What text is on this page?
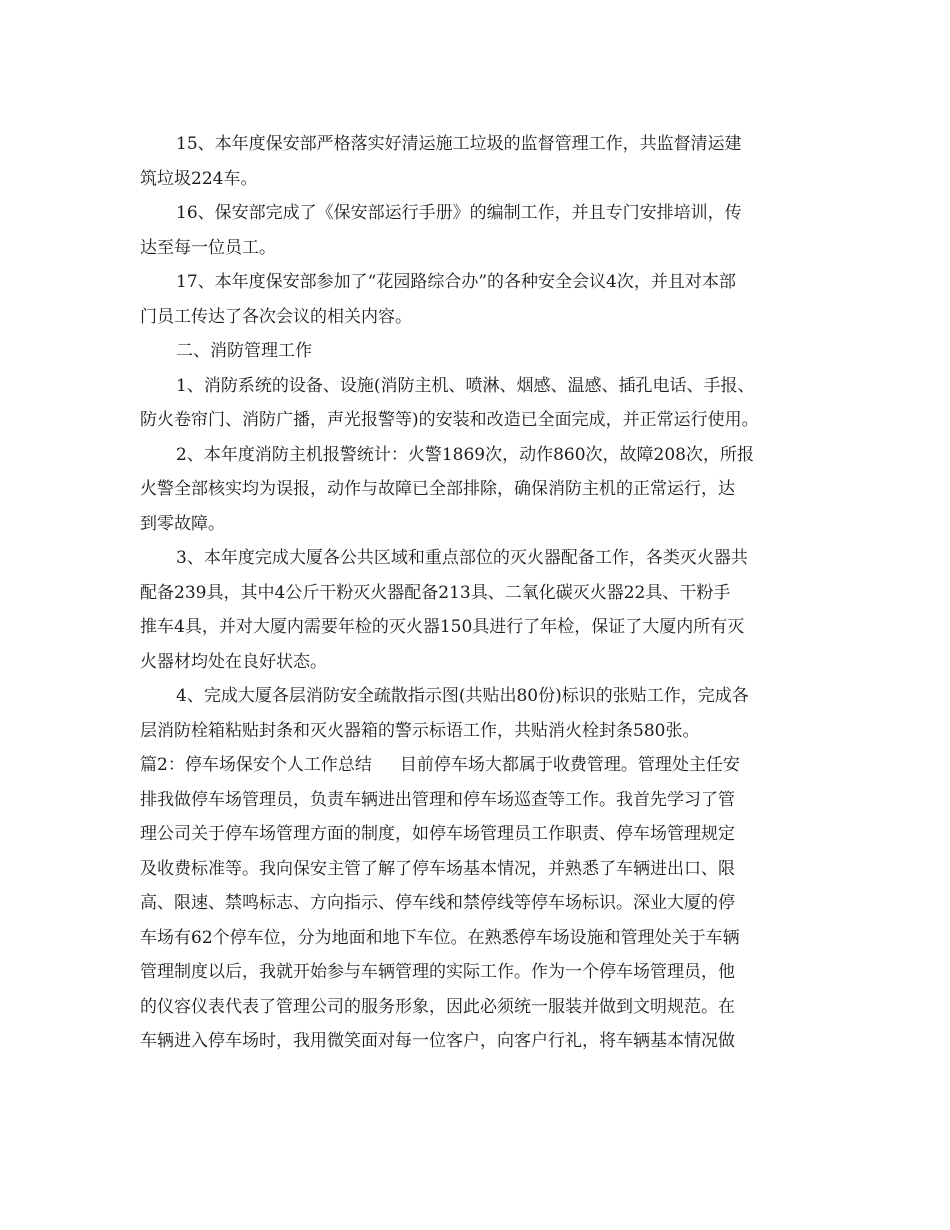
15、本年度保安部严格落实好清运施工垃圾的监督管理工作，共监督清运建
筑垃圾224车。
16、保安部完成了《保安部运行手册》的编制工作，并且专门安排培训，传
达至每一位员工。
17、本年度保安部参加了“花园路综合办”的各种安全会议4次，并且对本部
门员工传达了各次会议的相关内容。
二、消防管理工作
1、消防系统的设备、设施(消防主机、喷淋、烟感、温感、插孔电话、手报、
防火卷帘门、消防广播，声光报警等)的安装和改造已全面完成，并正常运行使用。
2、本年度消防主机报警统计：火警1869次，动作860次，故障208次，所报
火警全部核实均为误报，动作与故障已全部排除，确保消防主机的正常运行，达
到零故障。
3、本年度完成大厦各公共区域和重点部位的灭火器配备工作，各类灭火器共
配备239具，其中4公斤干粉灭火器配备213具、二氧化碳灭火器22具、干粉手
推车4具，并对大厦内需要年检的灭火器150具进行了年检，保证了大厦内所有灭
火器材均处在良好状态。
4、完成大厦各层消防安全疏散指示图(共贴出80份)标识的张贴工作，完成各
层消防栓箱粘贴封条和灭火器箱的警示标语工作，共贴消火栓封条580张。
篇2：停车场保安个人工作总结 目前停车场大都属于收费管理。管理处主任安
排我做停车场管理员，负责车辆进出管理和停车场巡查等工作。我首先学习了管
理公司关于停车场管理方面的制度，如停车场管理员工作职责、停车场管理规定
及收费标准等。我向保安主管了解了停车场基本情况，并熟悉了车辆进出口、限
高、限速、禁鸣标志、方向指示、停车线和禁停线等停车场标识。深业大厦的停
车场有62个停车位，分为地面和地下车位。在熟悉停车场设施和管理处关于车辆
管理制度以后，我就开始参与车辆管理的实际工作。作为一个停车场管理员，他
的仪容仪表代表了管理公司的服务形象，因此必须统一服装并做到文明规范。在
车辆进入停车场时，我用微笑面对每一位客户，向客户行礼，将车辆基本情况做
